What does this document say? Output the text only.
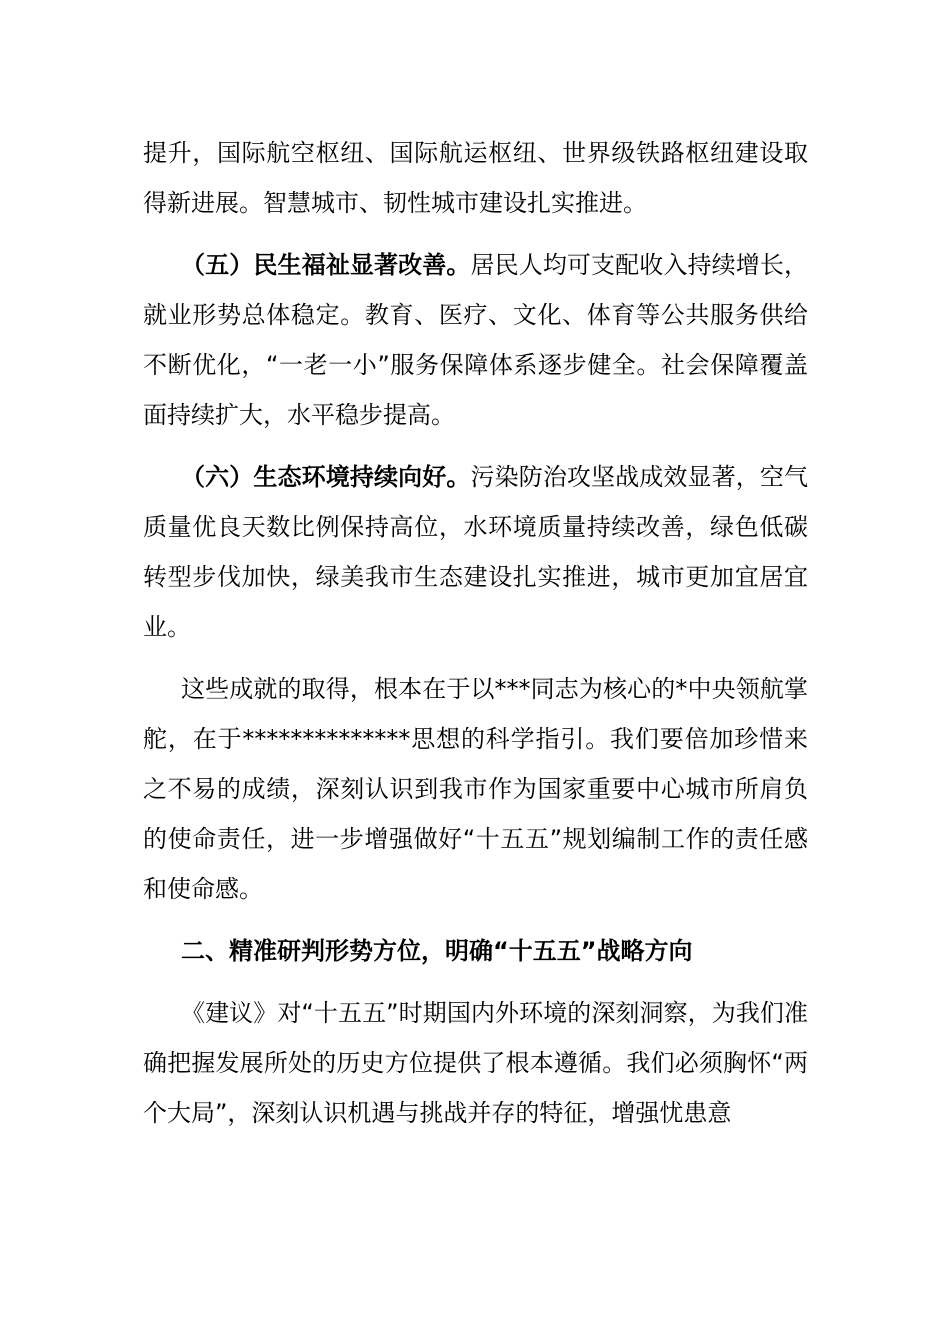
提升，国际航空枢纽、国际航运枢纽、世界级铁路枢纽建设取得新进展。智慧城市、韧性城市建设扎实推进。

（五）民生福祉显著改善。居民人均可支配收入持续增长，就业形势总体稳定。教育、医疗、文化、体育等公共服务供给不断优化，“一老一小”服务保障体系逐步健全。社会保障覆盖面持续扩大，水平稳步提高。

（六）生态环境持续向好。污染防治攻坚战成效显著，空气质量优良天数比例保持高位，水环境质量持续改善，绿色低碳转型步伐加快，绿美我市生态建设扎实推进，城市更加宜居宜业。

这些成就的取得，根本在于以***同志为核心的*中央领航掌舵，在于**************思想的科学指引。我们要倍加珍惜来之不易的成绩，深刻认识到我市作为国家重要中心城市所肩负的使命责任，进一步增强做好“十五五”规划编制工作的责任感和使命感。

二、精准研判形势方位，明确“十五五”战略方向

《建议》对“十五五”时期国内外环境的深刻洞察，为我们准确把握发展所处的历史方位提供了根本遵循。我们必须胸怀“两个大局”，深刻认识机遇与挑战并存的特征，增强忧患意
